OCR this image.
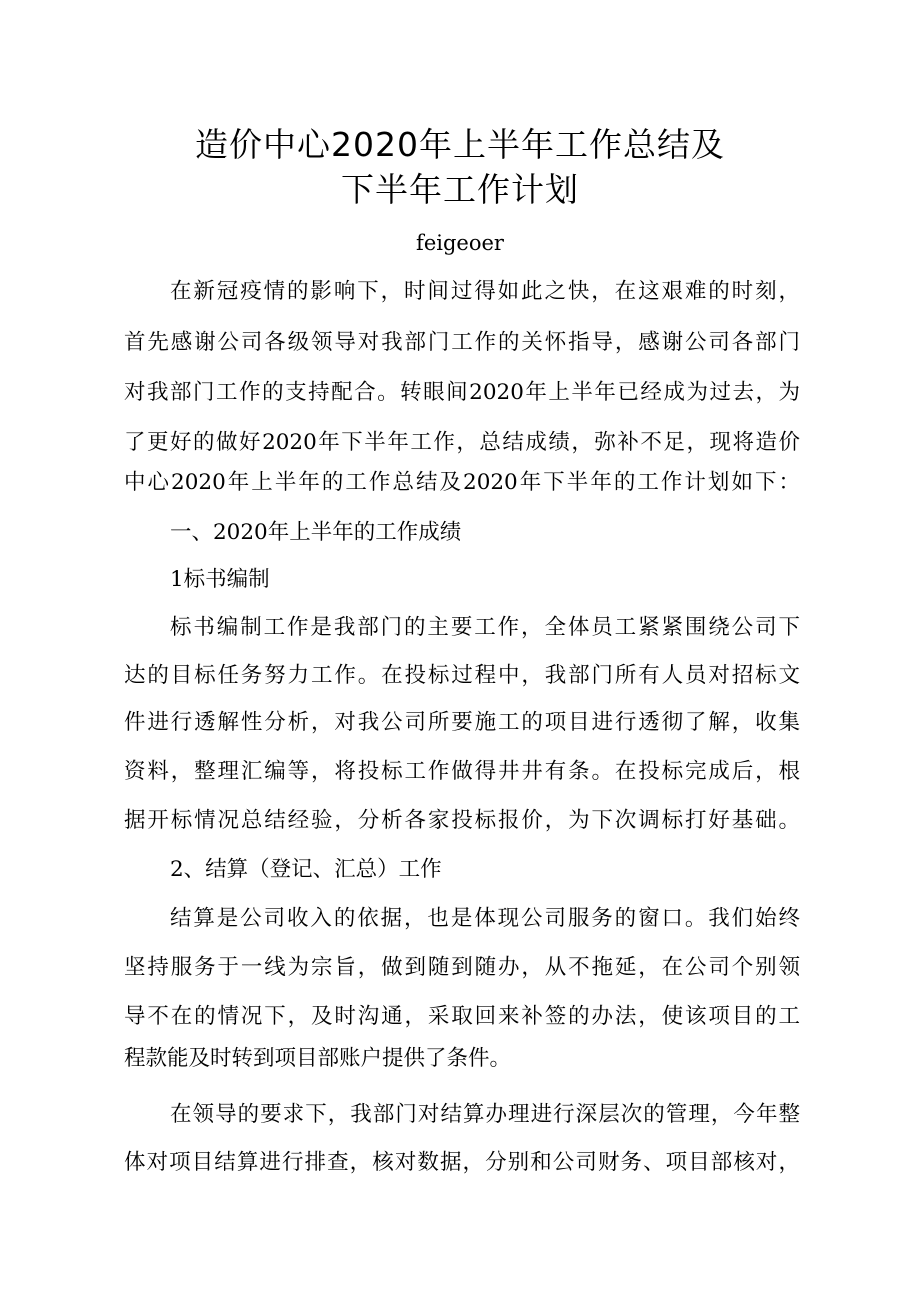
造价中心2020年上半年工作总结及
下半年工作计划
feigeoer
在新冠疫情的影响下，时间过得如此之快，在这艰难的时刻，
首先感谢公司各级领导对我部门工作的关怀指导，感谢公司各部门
对我部门工作的支持配合。转眼间2020年上半年已经成为过去，为
了更好的做好2020年下半年工作，总结成绩，弥补不足，现将造价
中心2020年上半年的工作总结及2020年下半年的工作计划如下：
一、2020年上半年的工作成绩
1标书编制
标书编制工作是我部门的主要工作，全体员工紧紧围绕公司下
达的目标任务努力工作。在投标过程中，我部门所有人员对招标文
件进行透解性分析，对我公司所要施工的项目进行透彻了解，收集
资料，整理汇编等，将投标工作做得井井有条。在投标完成后，根
据开标情况总结经验，分析各家投标报价，为下次调标打好基础。
2、结算（登记、汇总）工作
结算是公司收入的依据，也是体现公司服务的窗口。我们始终
坚持服务于一线为宗旨，做到随到随办，从不拖延，在公司个别领
导不在的情况下，及时沟通，采取回来补签的办法，使该项目的工
程款能及时转到项目部账户提供了条件。
在领导的要求下，我部门对结算办理进行深层次的管理，今年整
体对项目结算进行排查，核对数据，分别和公司财务、项目部核对，
